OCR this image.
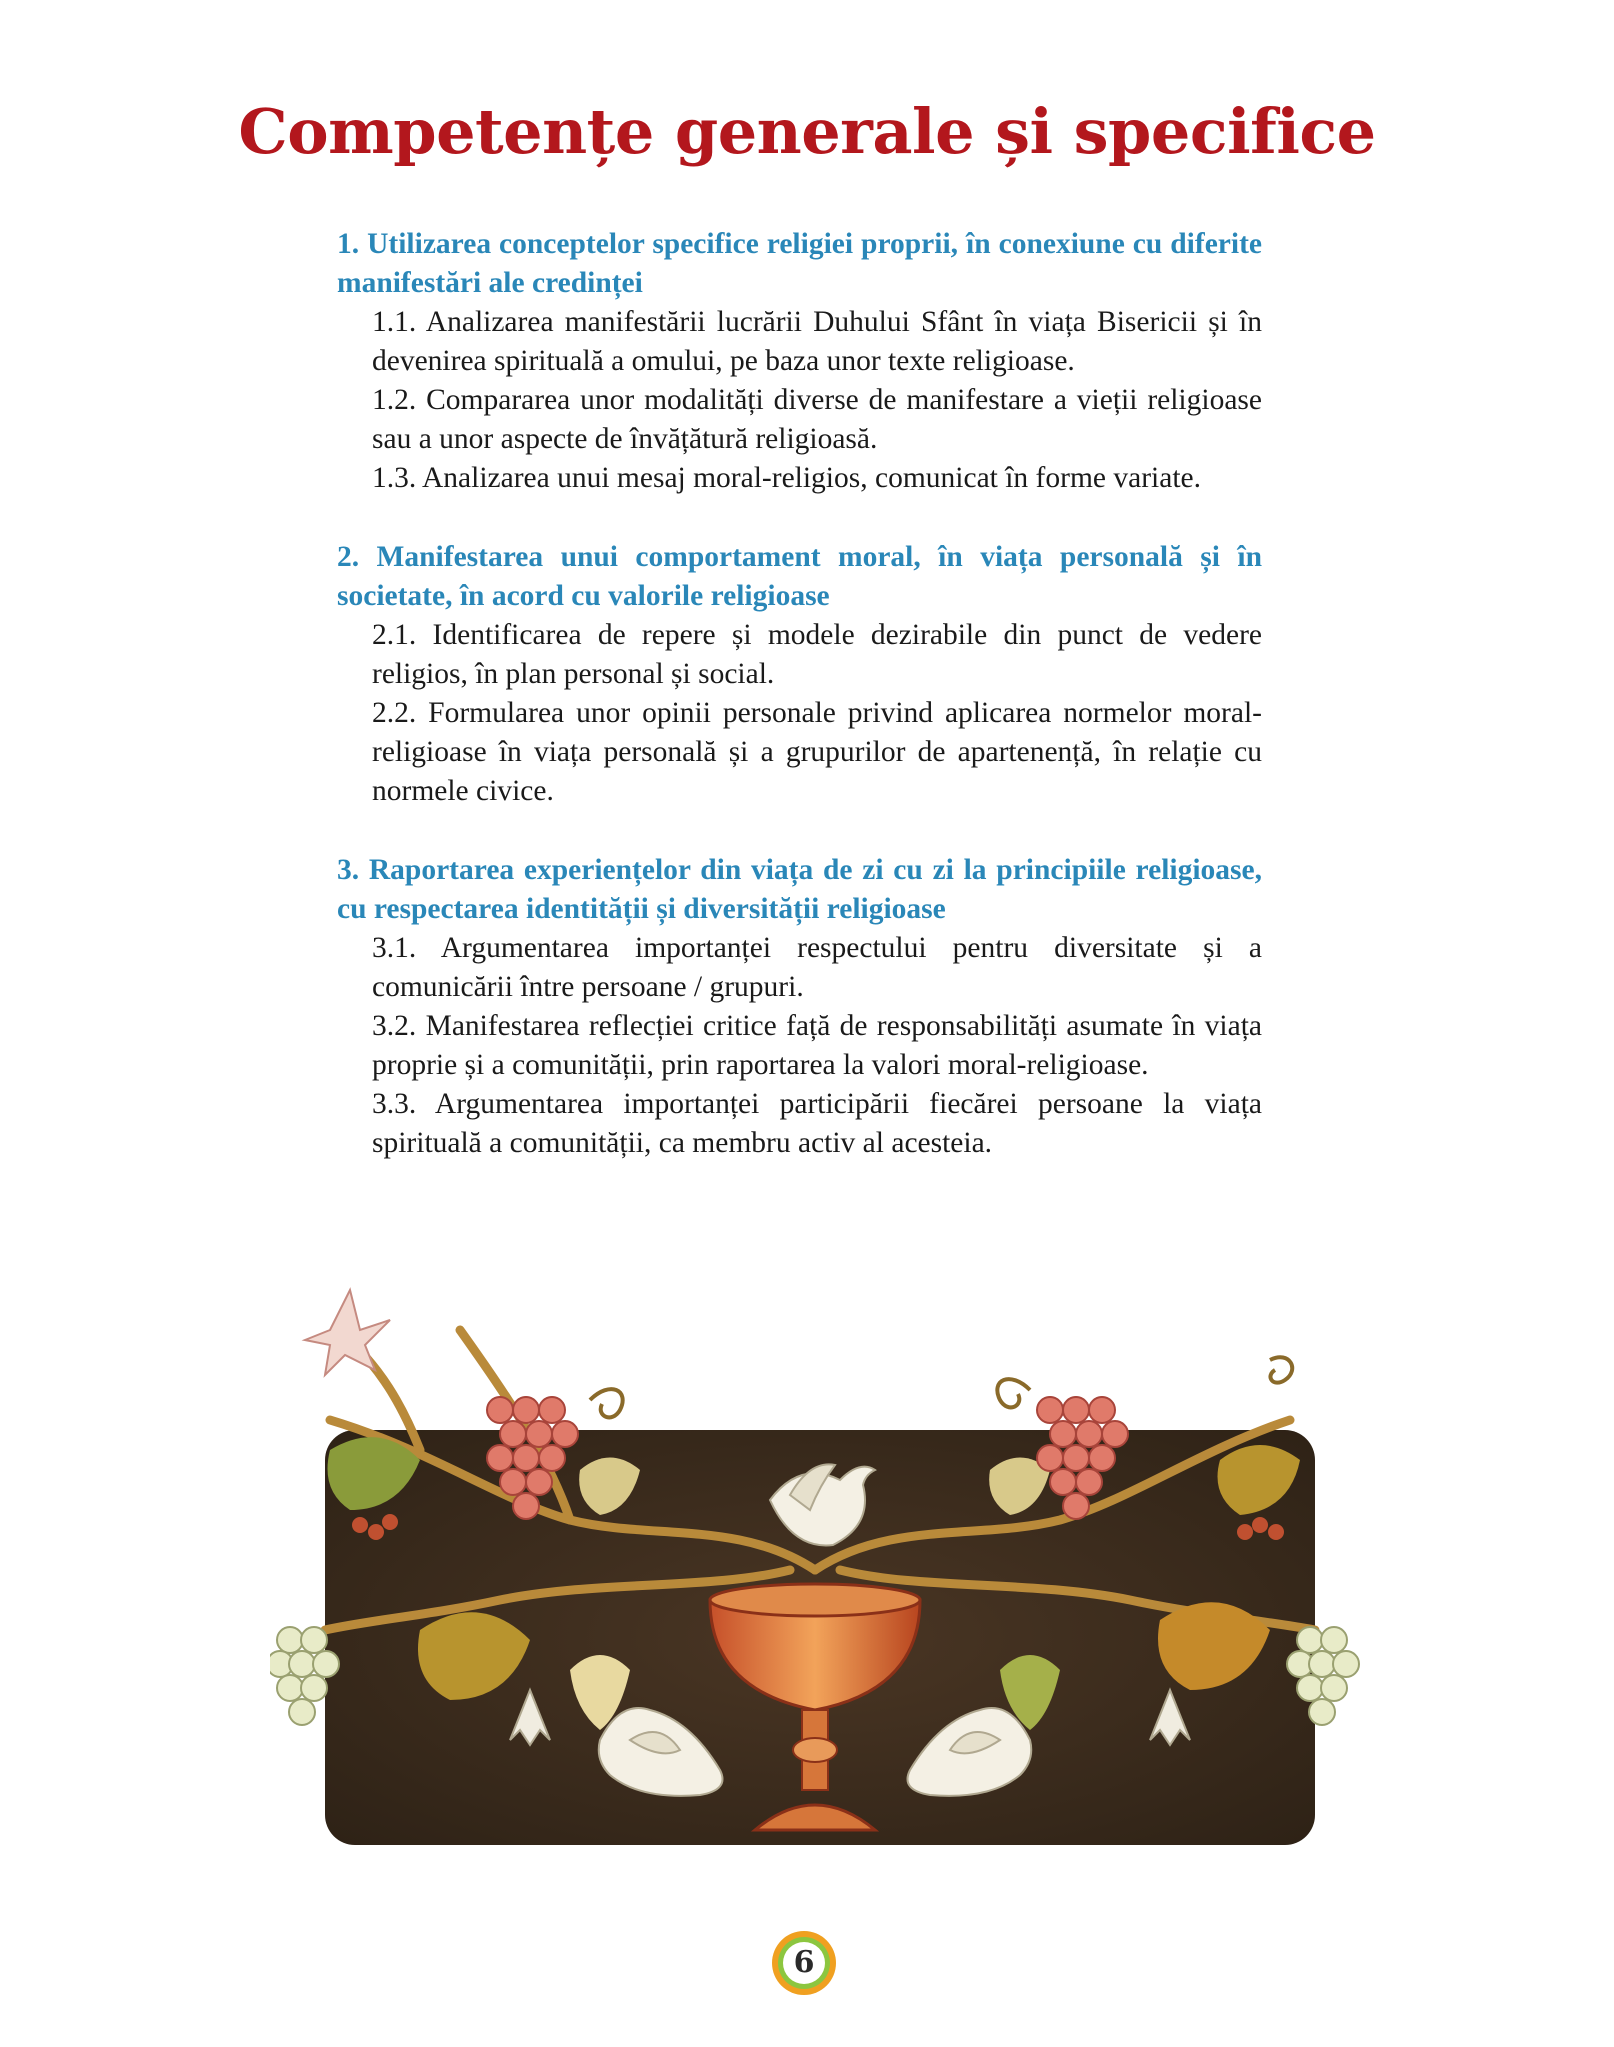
Competențe generale și specifice

1. Utilizarea conceptelor specifice religiei proprii, în conexiune cu diferite manifestări ale credinței

1.1. Analizarea manifestării lucrării Duhului Sfânt în viața Bisericii și în devenirea spirituală a omului, pe baza unor texte religioase.
1.2. Compararea unor modalități diverse de manifestare a vieții religioase sau a unor aspecte de învățătură religioasă.
1.3. Analizarea unui mesaj moral-religios, comunicat în forme variate.

2. Manifestarea unui comportament moral, în viața personală și în societate, în acord cu valorile religioase

2.1. Identificarea de repere și modele dezirabile din punct de vedere religios, în plan personal și social.
2.2. Formularea unor opinii personale privind aplicarea normelor moral-religioase în viața personală și a grupurilor de apartenență, în relație cu normele civice.

3. Raportarea experiențelor din viața de zi cu zi la principiile religioase, cu respectarea identității și diversității religioase

3.1. Argumentarea importanței respectului pentru diversitate și a comunicării între persoane / grupuri.
3.2. Manifestarea reflecției critice față de responsabilități asumate în viața proprie și a comunității, prin raportarea la valori moral-religioase.
3.3. Argumentarea importanței participării fiecărei persoane la viața spirituală a comunității, ca membru activ al acesteia.
6
